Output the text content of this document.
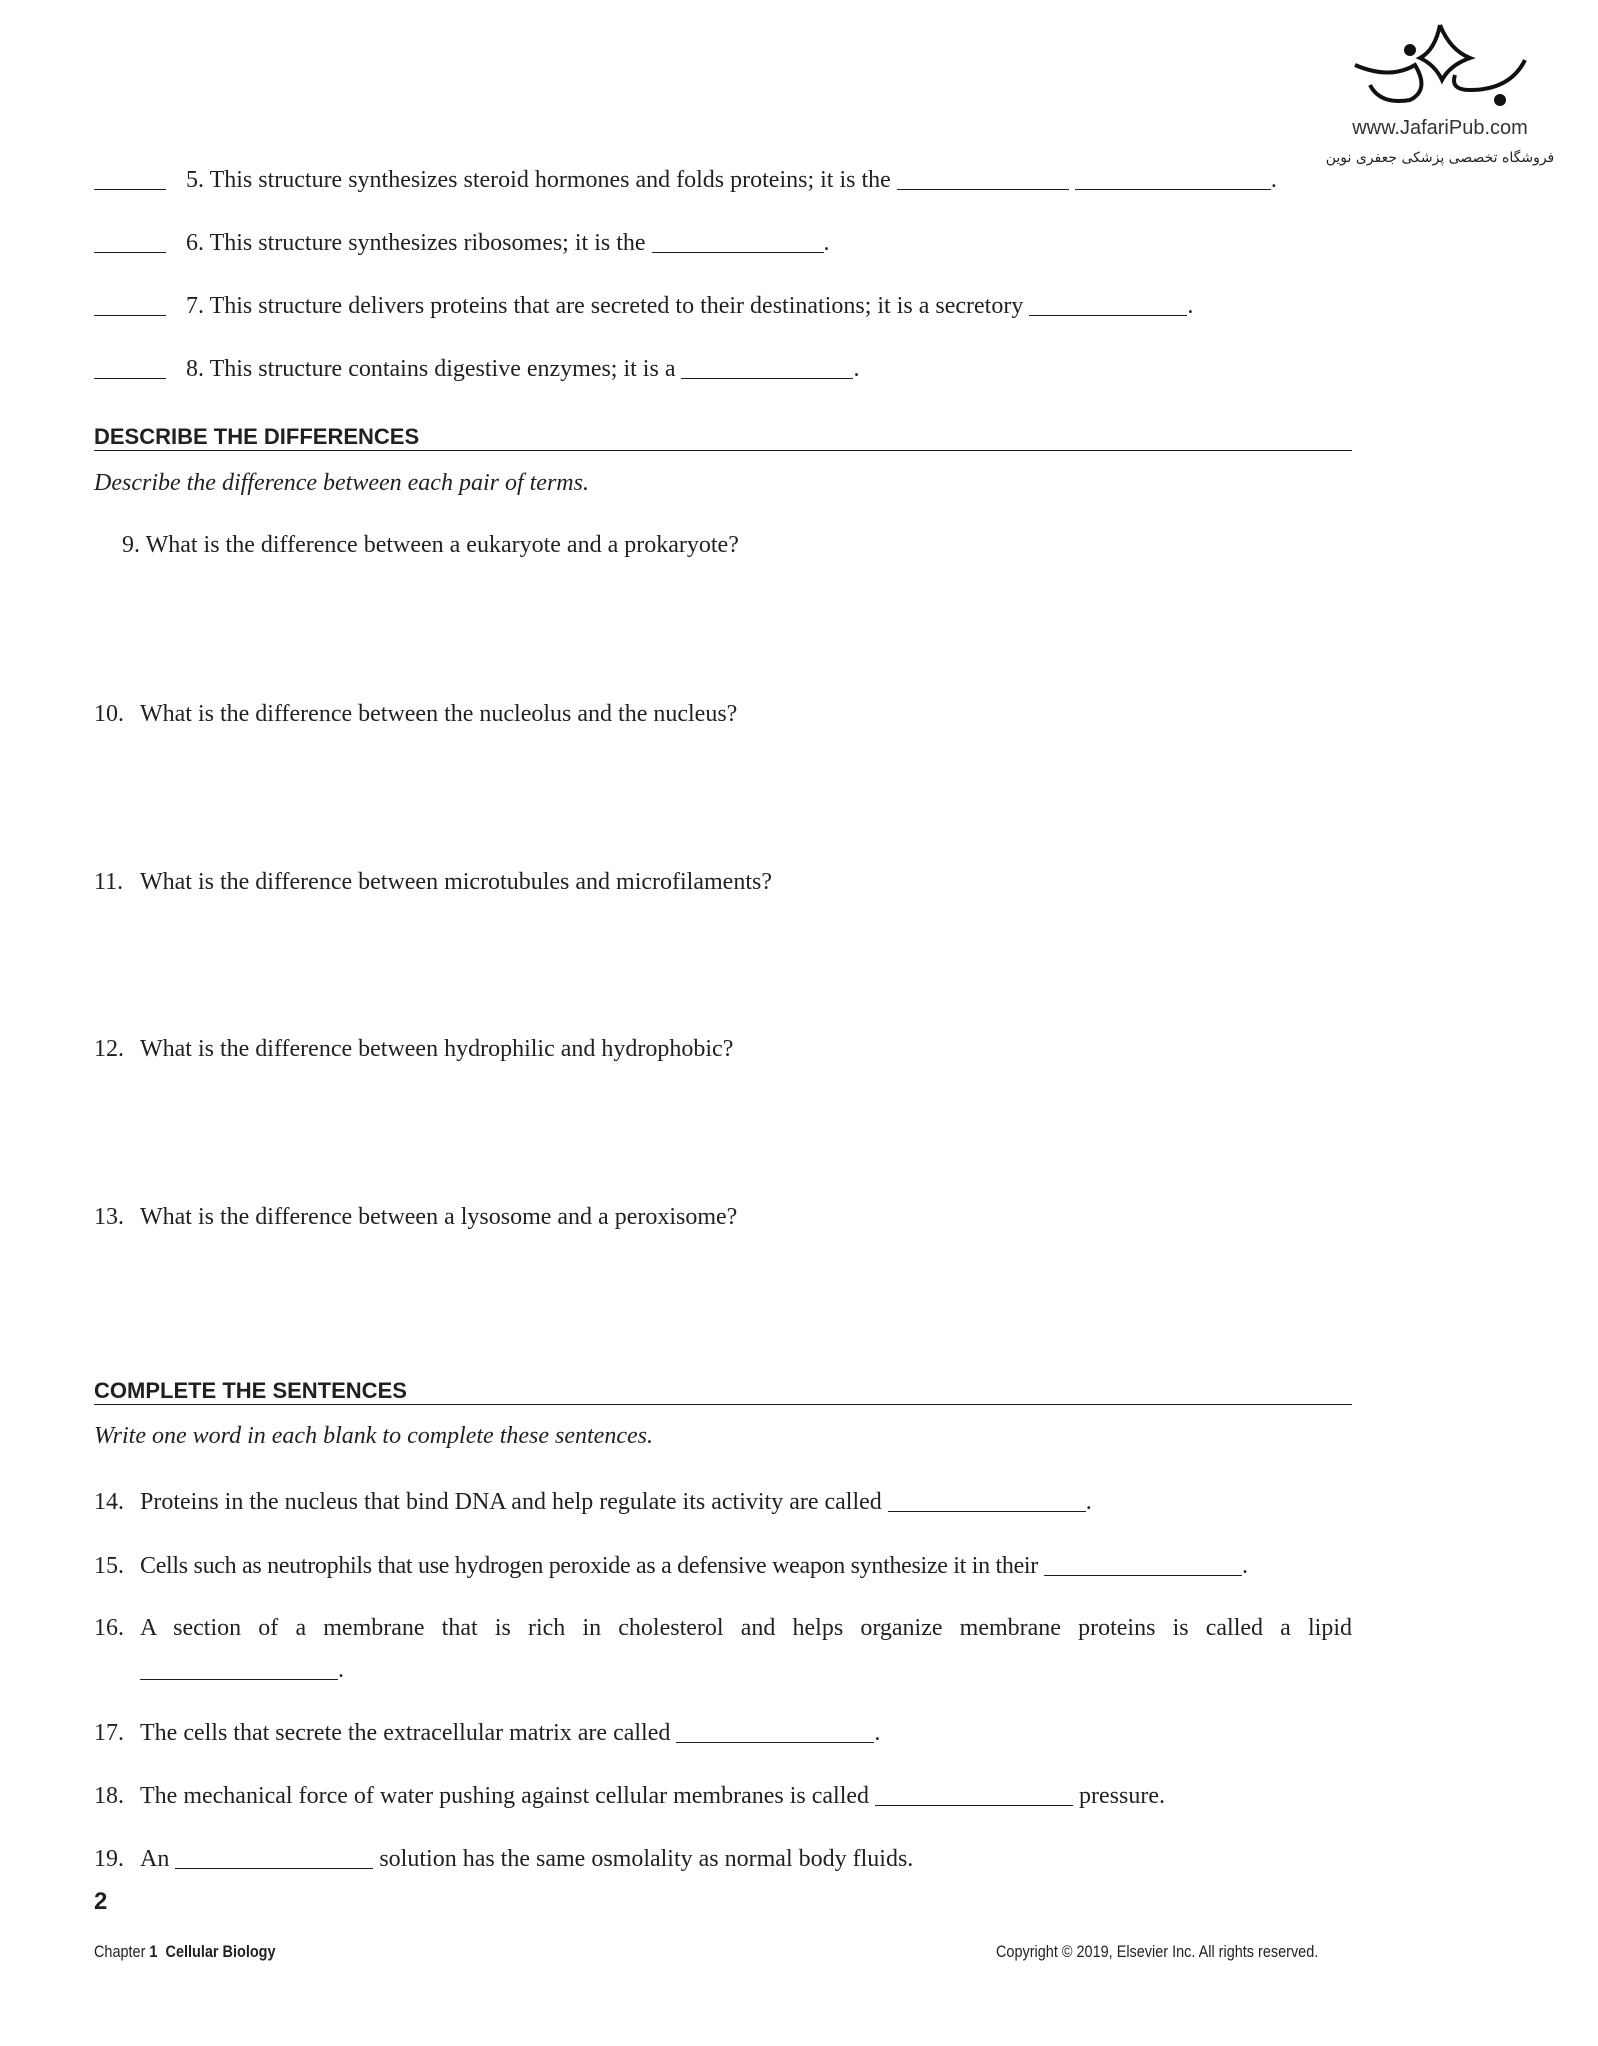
www.JafariPub.com
فروشگاه تخصصی پزشکی جعفری نوین
5. This structure synthesizes steroid hormones and folds proteins; it is the	.
6. This structure synthesizes ribosomes; it is the	.
7. This structure delivers proteins that are secreted to their destinations; it is a secretory	.
8. This structure contains digestive enzymes; it is a	.
DESCRIBE THE DIFFERENCES
Describe the difference between each pair of terms.
9. What is the difference between a eukaryote and a prokaryote?
10. What is the difference between the nucleolus and the nucleus?
11. What is the difference between microtubules and microfilaments?
12. What is the difference between hydrophilic and hydrophobic?
13. What is the difference between a lysosome and a peroxisome?
COMPLETE THE SENTENCES
Write one word in each blank to complete these sentences.
14. Proteins in the nucleus that bind DNA and help regulate its activity are called	.
15. Cells such as neutrophils that use hydrogen peroxide as a defensive weapon synthesize it in their	.
16. A section of a membrane that is rich in cholesterol and helps organize membrane proteins is called a lipid .
17. The cells that secrete the extracellular matrix are called	.
18. The mechanical force of water pushing against cellular membranes is called	pressure.
19. An	solution has the same osmolality as normal body fluids.
2
Chapter 1 Cellular Biology	Copyright © 2019, Elsevier Inc. All rights reserved.
